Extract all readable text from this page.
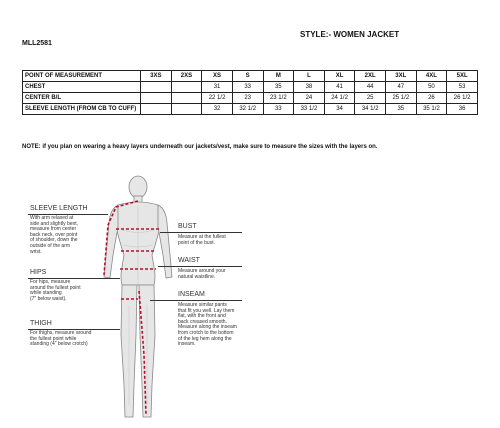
STYLE:- WOMEN JACKET
MLL2581
POINT OF MEASUREMENT	3XS	2XS	XS	S	M	L	XL	2XL	3XL	4XL	5XL
CHEST			31	33	35	38	41	44	47	50	53
CENTER B/L			22 1/2	23	23 1/2	24	24 1/2	25	25 1/2	26	26 1/2
SLEEVE LENGTH (FROM CB TO CUFF)			32	32 1/2	33	33 1/2	34	34 1/2	35	35 1/2	36
NOTE: if you plan on wearing a heavy layers underneath our jackets/vest, make sure to measure the sizes with the layers on.
SLEEVE LENGTH
With arm relaxed at
side and slightly bent,
measure from center
back neck, over point
of shoulder, down the
outside of the arm
wrist.
HIPS
For hips, measure
around the fullest point
while standing
(7" below waist).
THIGH
For thighs, measure around
the fullest point while
standing (4" below crotch)
BUST
Measure at the fullest
point of the bust.
WAIST
Measure around your
natural waistline.
INSEAM
Measure similar pants
that fit you well. Lay them
flat, with the front and
back creased smooth.
Measure along the inseam
from crotch to the bottom
of the leg hem along the
inseam.
